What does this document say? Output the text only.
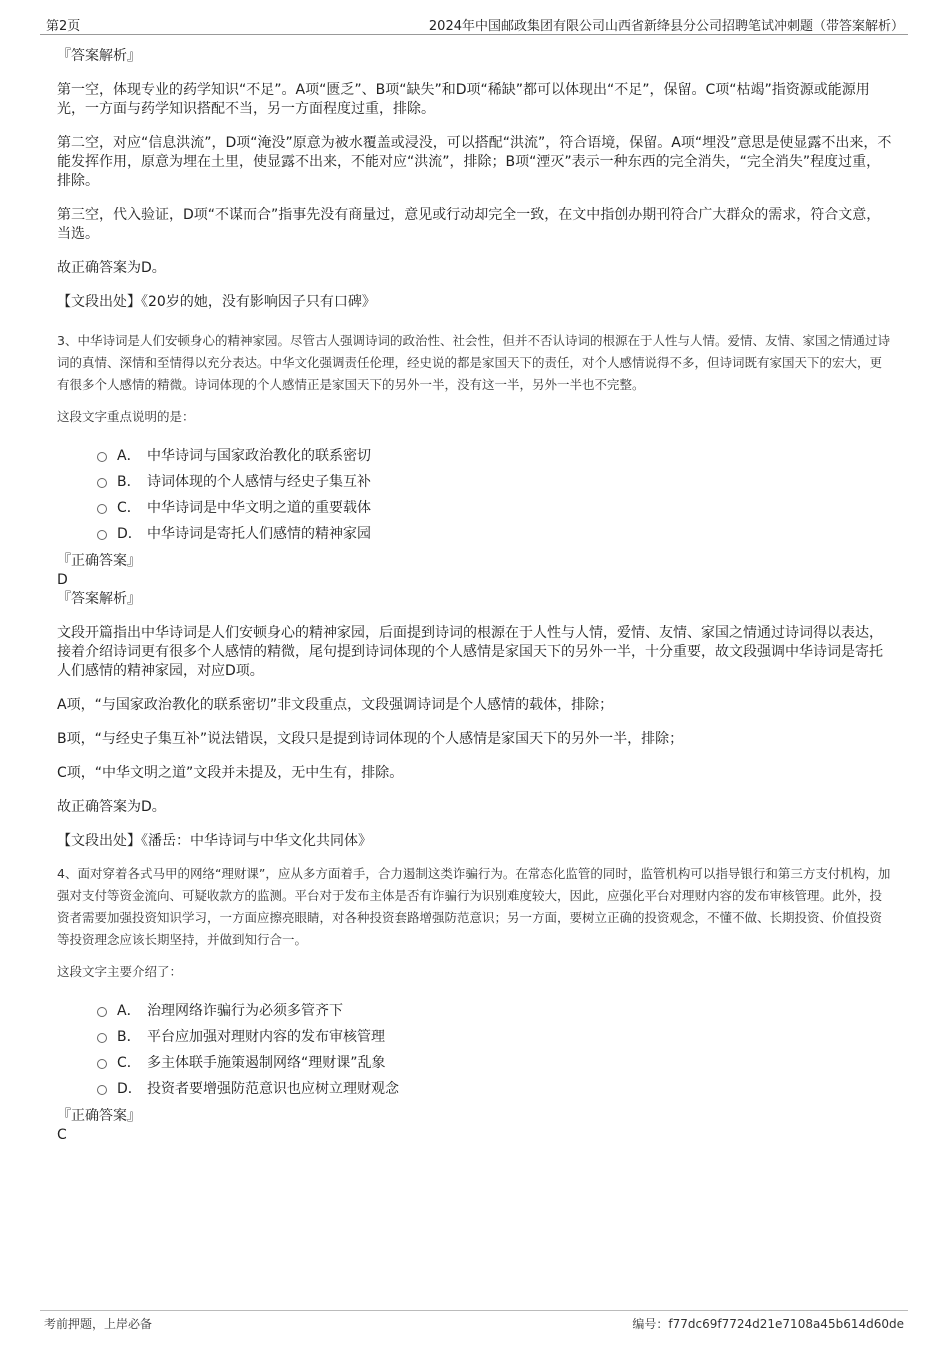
第2页	2024年中国邮政集团有限公司山西省新绛县分公司招聘笔试冲刺题（带答案解析）

『答案解析』

第一空，体现专业的药学知识“不足”。A项“匮乏”、B项“缺失”和D项“稀缺”都可以体现出“不足”，保留。C项“枯竭”指资源或能源用光，一方面与药学知识搭配不当，另一方面程度过重，排除。

第二空，对应“信息洪流”，D项“淹没”原意为被水覆盖或浸没，可以搭配“洪流”，符合语境，保留。A项“埋没”意思是使显露不出来，不能发挥作用，原意为埋在土里，使显露不出来，不能对应“洪流”，排除；B项“湮灭”表示一种东西的完全消失，“完全消失”程度过重，排除。

第三空，代入验证，D项“不谋而合”指事先没有商量过，意见或行动却完全一致，在文中指创办期刊符合广大群众的需求，符合文意，当选。

故正确答案为D。

【文段出处】《20岁的她，没有影响因子只有口碑》

3、中华诗词是人们安顿身心的精神家园。尽管古人强调诗词的政治性、社会性，但并不否认诗词的根源在于人性与人情。爱情、友情、家国之情通过诗词的真情、深情和至情得以充分表达。中华文化强调责任伦理，经史说的都是家国天下的责任，对个人感情说得不多，但诗词既有家国天下的宏大，更有很多个人感情的精微。诗词体现的个人感情正是家国天下的另外一半，没有这一半，另外一半也不完整。

这段文字重点说明的是：

A． 中华诗词与国家政治教化的联系密切
B． 诗词体现的个人感情与经史子集互补
C． 中华诗词是中华文明之道的重要载体
D． 中华诗词是寄托人们感情的精神家园

『正确答案』

D

『答案解析』

文段开篇指出中华诗词是人们安顿身心的精神家园，后面提到诗词的根源在于人性与人情，爱情、友情、家国之情通过诗词得以表达，接着介绍诗词更有很多个人感情的精微，尾句提到诗词体现的个人感情是家国天下的另外一半，十分重要，故文段强调中华诗词是寄托人们感情的精神家园，对应D项。

A项，“与国家政治教化的联系密切”非文段重点，文段强调诗词是个人感情的载体，排除；

B项，“与经史子集互补”说法错误，文段只是提到诗词体现的个人感情是家国天下的另外一半，排除；

C项，“中华文明之道”文段并未提及，无中生有，排除。

故正确答案为D。

【文段出处】《潘岳：中华诗词与中华文化共同体》

4、面对穿着各式马甲的网络“理财课”，应从多方面着手，合力遏制这类诈骗行为。在常态化监管的同时，监管机构可以指导银行和第三方支付机构，加强对支付等资金流向、可疑收款方的监测。平台对于发布主体是否有诈骗行为识别难度较大，因此，应强化平台对理财内容的发布审核管理。此外，投资者需要加强投资知识学习，一方面应擦亮眼睛，对各种投资套路增强防范意识；另一方面，要树立正确的投资观念，不懂不做、长期投资、价值投资等投资理念应该长期坚持，并做到知行合一。

这段文字主要介绍了：

A． 治理网络诈骗行为必须多管齐下
B． 平台应加强对理财内容的发布审核管理
C． 多主体联手施策遏制网络“理财课”乱象
D． 投资者要增强防范意识也应树立理财观念

『正确答案』

C

考前押题，上岸必备	编号：f77dc69f7724d21e7108a45b614d60de
